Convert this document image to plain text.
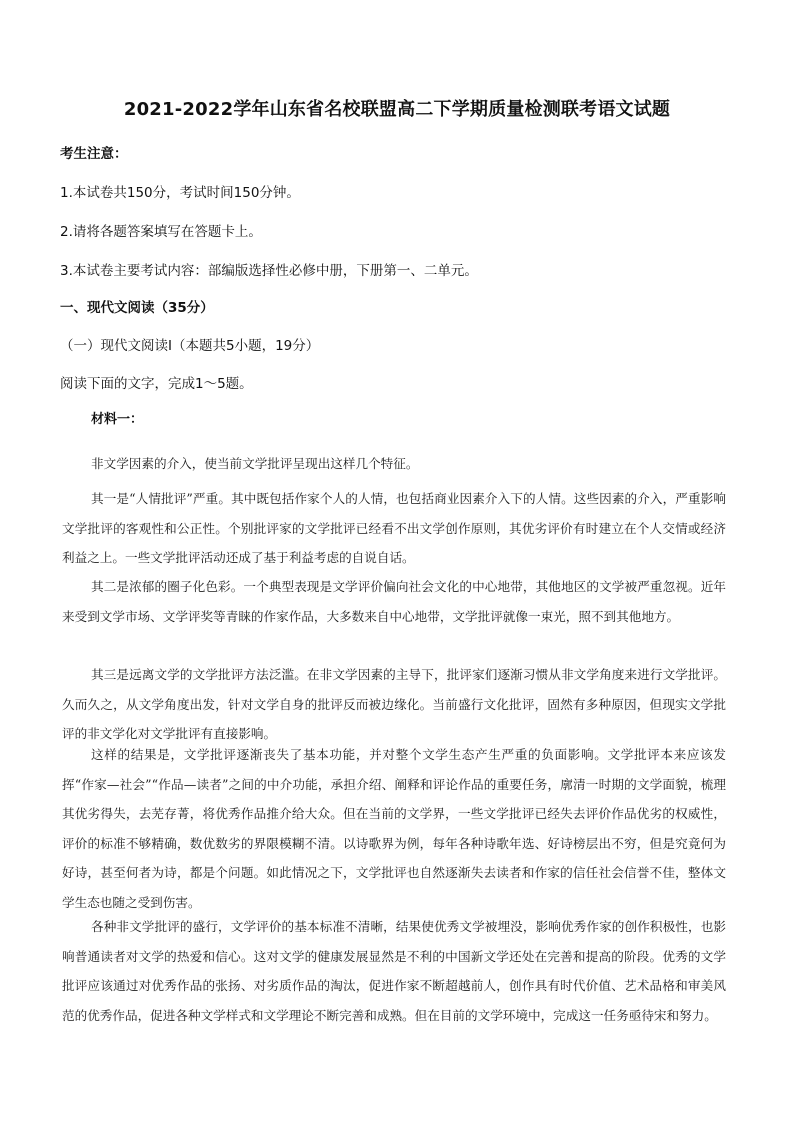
2021-2022学年山东省名校联盟高二下学期质量检测联考语文试题
考生注意：
1.本试卷共150分，考试时间150分钟。
2.请将各题答案填写在答题卡上。
3.本试卷主要考试内容：部编版选择性必修中册，下册第一、二单元。
一、现代文阅读（35分）
（一）现代文阅读Ⅰ（本题共5小题，19分）
阅读下面的文字，完成1～5题。
材料一：
非文学因素的介入，使当前文学批评呈现出这样几个特征。
其一是“人情批评”严重。其中既包括作家个人的人情，也包括商业因素介入下的人情。这些因素的介入，严重影响文学批评的客观性和公正性。个别批评家的文学批评已经看不出文学创作原则，其优劣评价有时建立在个人交情或经济利益之上。一些文学批评活动还成了基于利益考虑的自说自话。
其二是浓郁的圈子化色彩。一个典型表现是文学评价偏向社会文化的中心地带，其他地区的文学被严重忽视。近年来受到文学市场、文学评奖等青睐的作家作品，大多数来自中心地带，文学批评就像一束光，照不到其他地方。
其三是远离文学的文学批评方法泛滥。在非文学因素的主导下，批评家们逐渐习惯从非文学角度来进行文学批评。久而久之，从文学角度出发，针对文学自身的批评反而被边缘化。当前盛行文化批评，固然有多种原因，但现实文学批评的非文学化对文学批评有直接影响。
这样的结果是，文学批评逐渐丧失了基本功能，并对整个文学生态产生严重的负面影响。文学批评本来应该发挥“作家—社会”“作品—读者”之间的中介功能，承担介绍、阐释和评论作品的重要任务，廓清一时期的文学面貌，梳理其优劣得失，去芜存菁，将优秀作品推介给大众。但在当前的文学界，一些文学批评已经失去评价作品优劣的权威性，评价的标准不够精确，数优数劣的界限模糊不清。以诗歌界为例，每年各种诗歌年选、好诗榜层出不穷，但是究竟何为好诗，甚至何者为诗，都是个问题。如此情况之下，文学批评也自然逐渐失去读者和作家的信任社会信誉不佳，整体文学生态也随之受到伤害。
各种非文学批评的盛行，文学评价的基本标准不清晰，结果使优秀文学被埋没，影响优秀作家的创作积极性，也影响普通读者对文学的热爱和信心。这对文学的健康发展显然是不利的中国新文学还处在完善和提高的阶段。优秀的文学批评应该通过对优秀作品的张扬、对劣质作品的淘汰，促进作家不断超越前人，创作具有时代价值、艺术品格和审美风范的优秀作品，促进各种文学样式和文学理论不断完善和成熟。但在目前的文学环境中，完成这一任务亟待宋和努力。
